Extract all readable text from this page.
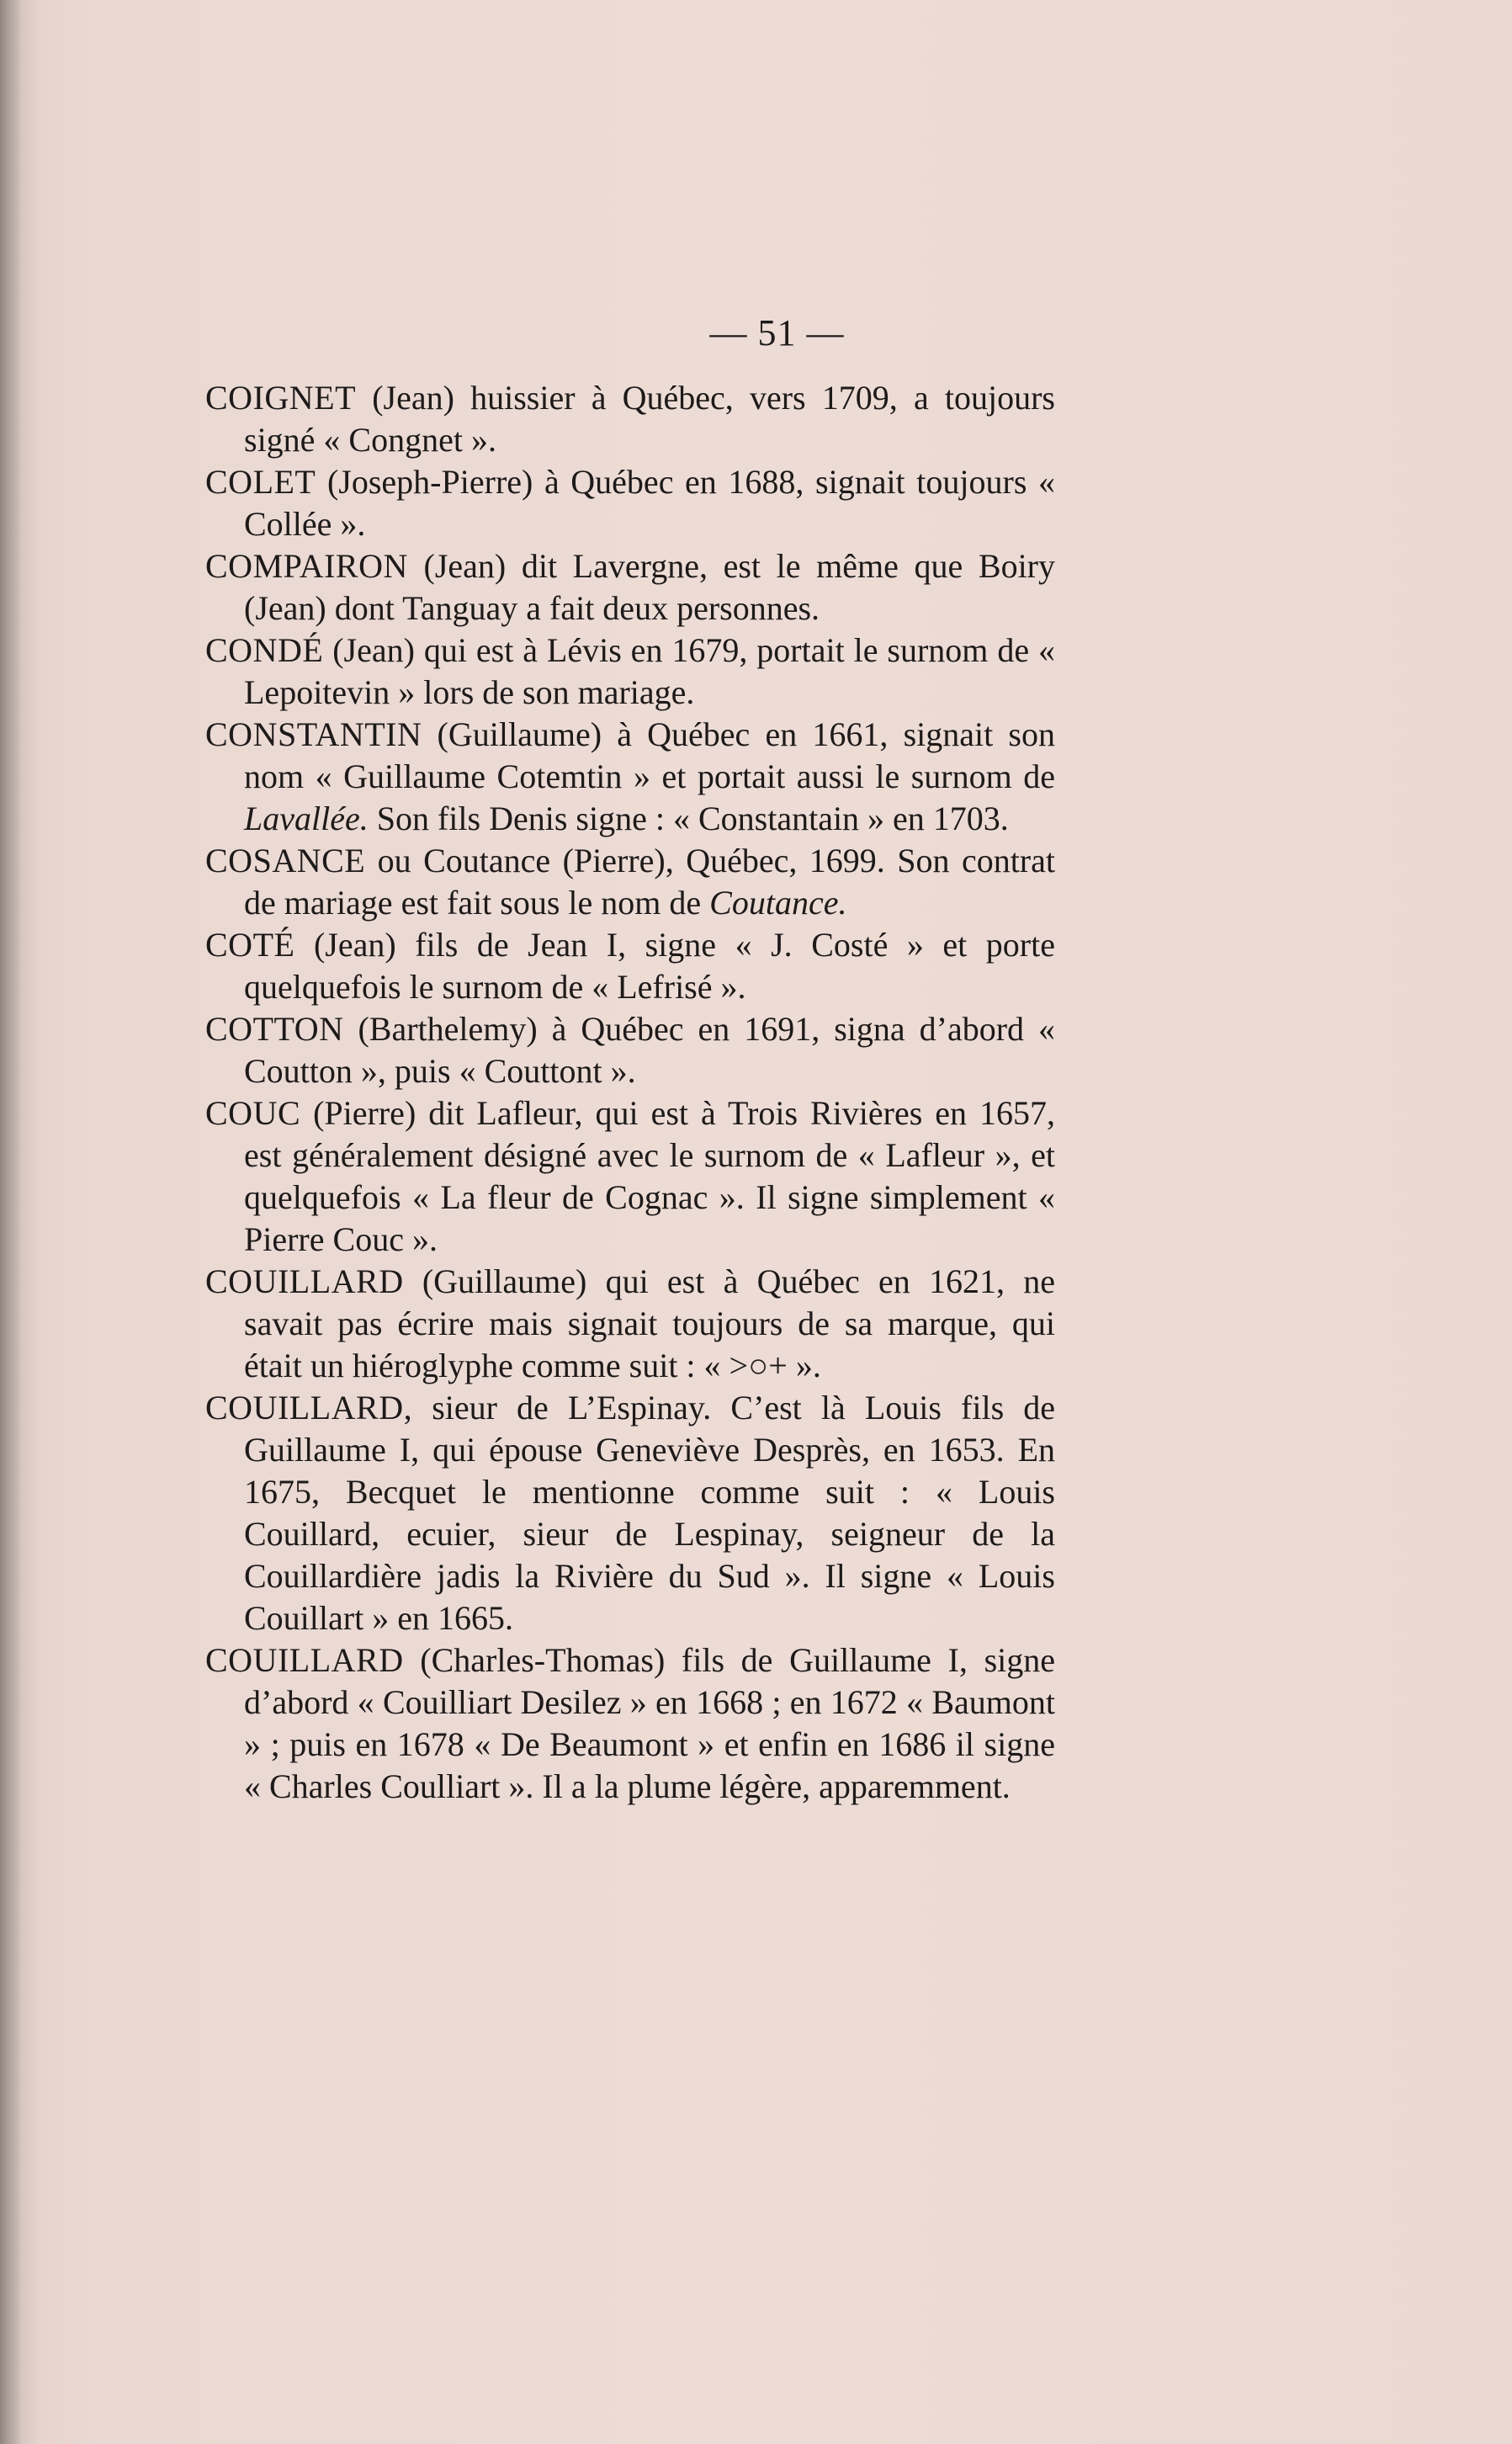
— 51 —

COIGNET (Jean) huissier à Québec, vers 1709, a toujours signé « Congnet ».

COLET (Joseph-Pierre) à Québec en 1688, signait toujours « Collée ».

COMPAIRON (Jean) dit Lavergne, est le même que Boiry (Jean) dont Tanguay a fait deux personnes.

CONDÉ (Jean) qui est à Lévis en 1679, portait le surnom de « Lepoitevin » lors de son mariage.

CONSTANTIN (Guillaume) à Québec en 1661, signait son nom « Guillaume Cotemtin » et portait aussi le surnom de Lavallée. Son fils Denis signe : « Constantain » en 1703.

COSANCE ou Coutance (Pierre), Québec, 1699. Son contrat de mariage est fait sous le nom de Coutance.

COTÉ (Jean) fils de Jean I, signe « J. Costé » et porte quelquefois le surnom de « Lefrisé ».

COTTON (Barthelemy) à Québec en 1691, signa d’abord « Coutton », puis « Couttont ».

COUC (Pierre) dit Lafleur, qui est à Trois Rivières en 1657, est généralement désigné avec le surnom de « Lafleur », et quelquefois « La fleur de Cognac ». Il signe simplement « Pierre Couc ».

COUILLARD (Guillaume) qui est à Québec en 1621, ne savait pas écrire mais signait toujours de sa marque, qui était un hiéroglyphe comme suit : « >○+ ».

COUILLARD, sieur de L’Espinay. C’est là Louis fils de Guillaume I, qui épouse Geneviève Desprès, en 1653. En 1675, Becquet le mentionne comme suit : « Louis Couillard, ecuier, sieur de Lespinay, seigneur de la Couillardière jadis la Rivière du Sud ». Il signe « Louis Couillart » en 1665.

COUILLARD (Charles-Thomas) fils de Guillaume I, signe d’abord « Couilliart Desilez » en 1668 ; en 1672 « Baumont » ; puis en 1678 « De Beaumont » et enfin en 1686 il signe « Charles Coulliart ». Il a la plume légère, apparemment.
